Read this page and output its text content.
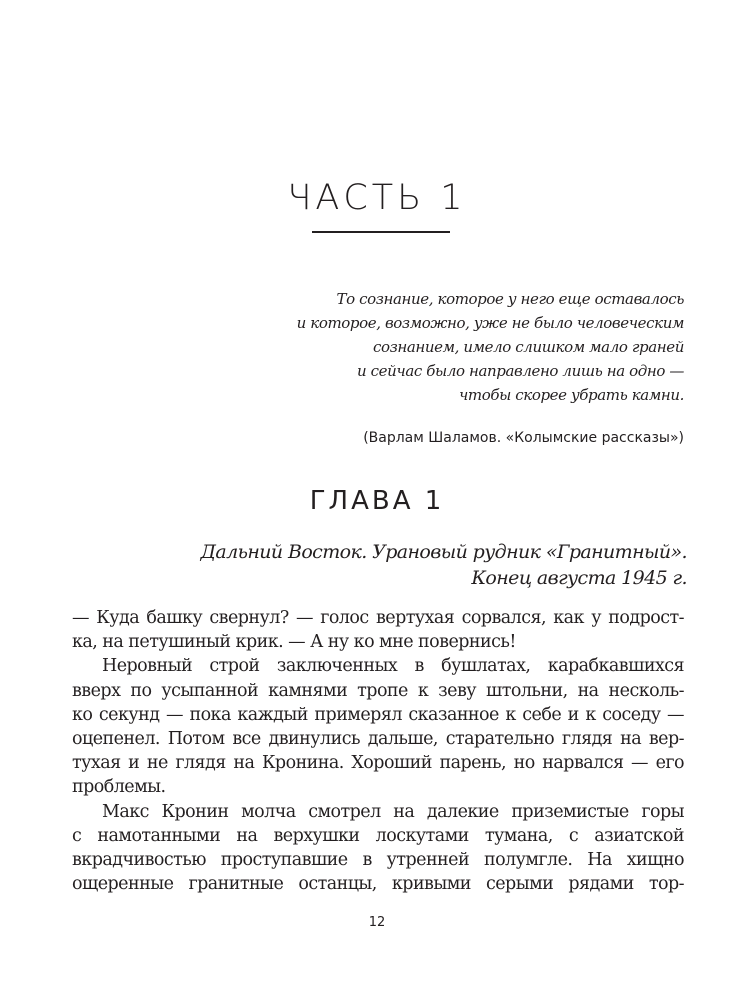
ЧАСТЬ 1
То сознание, которое у него еще оставалось
и которое, возможно, уже не было человеческим
сознанием, имело слишком мало граней
и сейчас было направлено лишь на одно —
чтобы скорее убрать камни.
(Варлам Шаламов. «Колымские рассказы»)
ГЛАВА 1
Дальний Восток. Урановый рудник «Гранитный».
Конец августа 1945 г.
— Куда башку свернул? — голос вертухая сорвался, как у подрост-
ка, на петушиный крик. — А ну ко мне повернись!
Неровный строй заключенных в бушлатах, карабкавшихся
вверх по усыпанной камнями тропе к зеву штольни, на несколь-
ко секунд — пока каждый примерял сказанное к себе и к соседу —
оцепенел. Потом все двинулись дальше, старательно глядя на вер-
тухая и не глядя на Кронина. Хороший парень, но нарвался — его
проблемы.
Макс Кронин молча смотрел на далекие приземистые горы
с намотанными на верхушки лоскутами тумана, с азиатской
вкрадчивостью проступавшие в утренней полумгле. На хищно
ощеренные гранитные останцы, кривыми серыми рядами тор-
12
